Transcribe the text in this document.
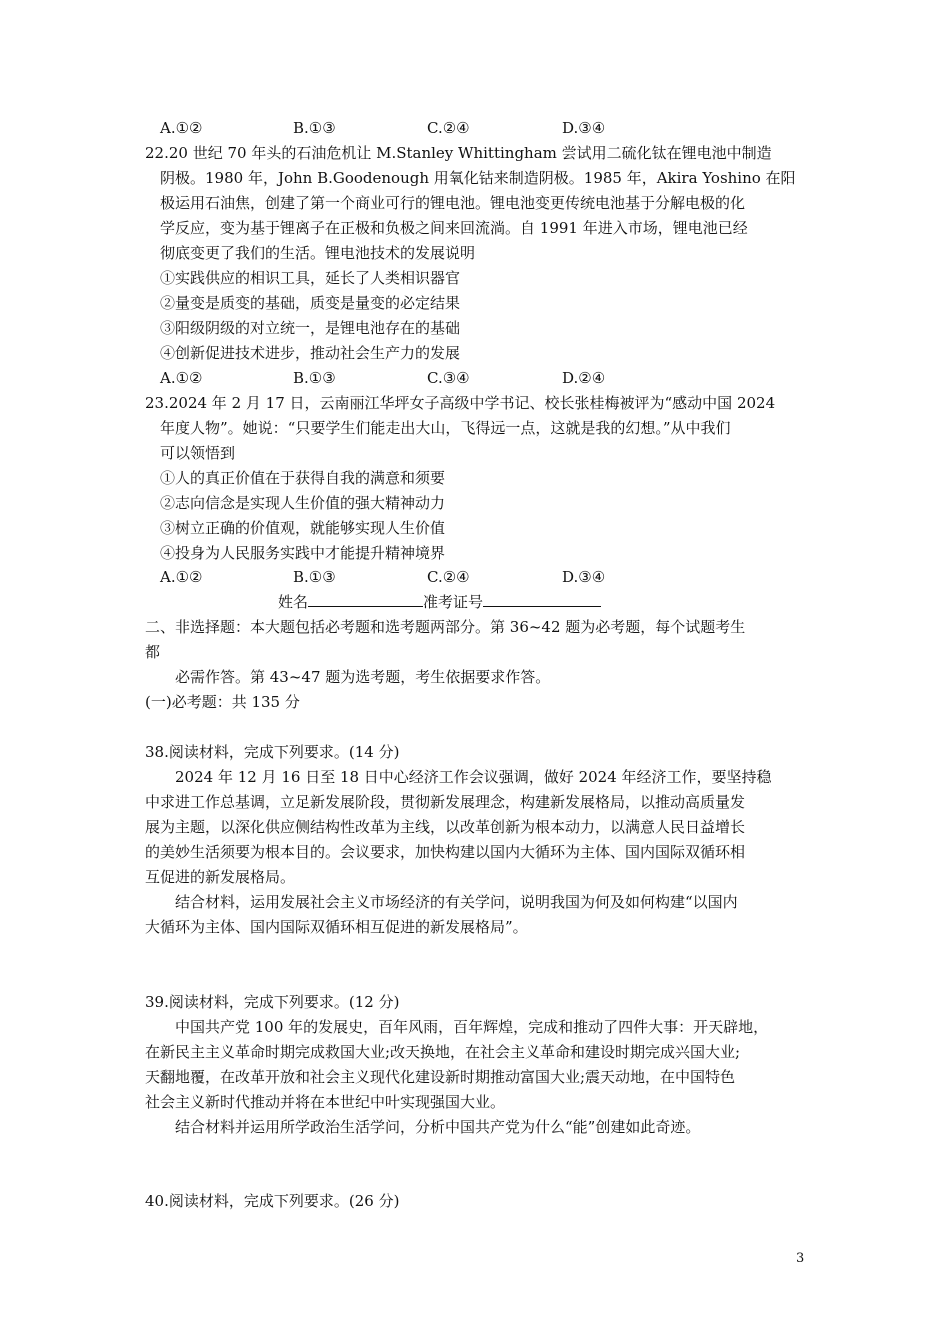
A.①②	B.①③	C.②④	D.③④
22.20 世纪 70 年头的石油危机让 M.Stanley Whittingham 尝试用二硫化钛在锂电池中制造
阴极。1980 年，John B.Goodenough 用氧化钴来制造阴极。1985 年，Akira Yoshino 在阳
极运用石油焦，创建了第一个商业可行的锂电池。锂电池变更传统电池基于分解电极的化
学反应，变为基于锂离子在正极和负极之间来回流淌。自 1991 年进入市场，锂电池已经
彻底变更了我们的生活。锂电池技术的发展说明
①实践供应的相识工具，延长了人类相识器官
②量变是质变的基础，质变是量变的必定结果
③阳级阴级的对立统一，是锂电池存在的基础
④创新促进技术进步，推动社会生产力的发展
A.①②	B.①③	C.③④	D.②④
23.2024 年 2 月 17 日，云南丽江华坪女子高级中学书记、校长张桂梅被评为“感动中国 2024
年度人物”。她说：“只要学生们能走出大山，飞得远一点，这就是我的幻想。”从中我们
可以领悟到
①人的真正价值在于获得自我的满意和须要
②志向信念是实现人生价值的强大精神动力
③树立正确的价值观，就能够实现人生价值
④投身为人民服务实践中才能提升精神境界
A.①②	B.①③	C.②④	D.③④
姓名	准考证号
二、非选择题：本大题包括必考题和选考题两部分。第 36~42 题为必考题，每个试题考生
都
必需作答。第 43~47 题为选考题，考生依据要求作答。
(一)必考题：共 135 分
38.阅读材料，完成下列要求。(14 分)
2024 年 12 月 16 日至 18 日中心经济工作会议强调，做好 2024 年经济工作，要坚持稳
中求进工作总基调，立足新发展阶段，贯彻新发展理念，构建新发展格局，以推动高质量发
展为主题，以深化供应侧结构性改革为主线，以改革创新为根本动力，以满意人民日益增长
的美妙生活须要为根本目的。会议要求，加快构建以国内大循环为主体、国内国际双循环相
互促进的新发展格局。
结合材料，运用发展社会主义市场经济的有关学问，说明我国为何及如何构建“以国内
大循环为主体、国内国际双循环相互促进的新发展格局”。
39.阅读材料，完成下列要求。(12 分)
中国共产党 100 年的发展史，百年风雨，百年辉煌，完成和推动了四件大事：开天辟地，
在新民主主义革命时期完成救国大业;改天换地，在社会主义革命和建设时期完成兴国大业;
天翻地覆，在改革开放和社会主义现代化建设新时期推动富国大业;震天动地，在中国特色
社会主义新时代推动并将在本世纪中叶实现强国大业。
结合材料并运用所学政治生活学问，分析中国共产党为什么“能”创建如此奇迹。
40.阅读材料，完成下列要求。(26 分)
3
